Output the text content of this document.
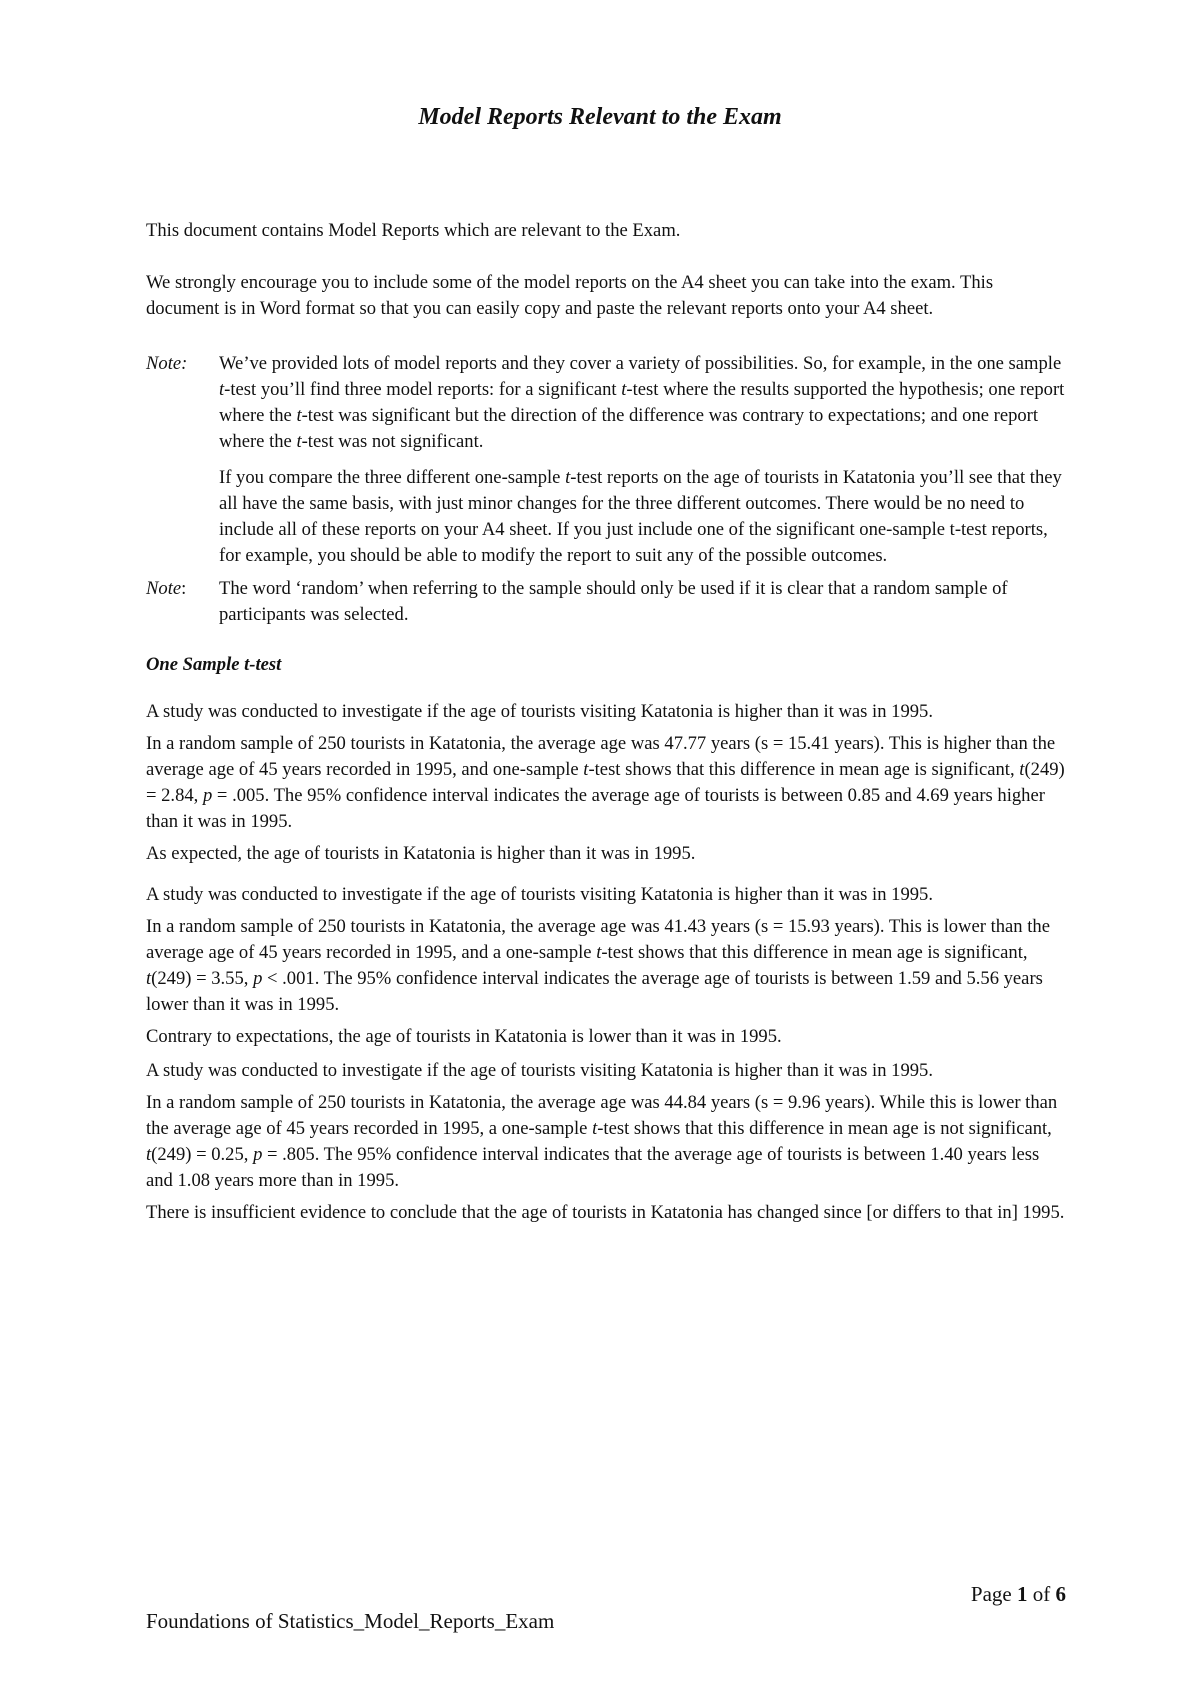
Model Reports Relevant to the Exam

This document contains Model Reports which are relevant to the Exam.

We strongly encourage you to include some of the model reports on the A4 sheet you can take into the exam. This document is in Word format so that you can easily copy and paste the relevant reports onto your A4 sheet.

Note:	We’ve provided lots of model reports and they cover a variety of possibilities. So, for example, in the one sample t-test you’ll find three model reports: for a significant t-test where the results supported the hypothesis; one report where the t-test was significant but the direction of the difference was contrary to expectations; and one report where the t-test was not significant.

If you compare the three different one-sample t-test reports on the age of tourists in Katatonia you’ll see that they all have the same basis, with just minor changes for the three different outcomes. There would be no need to include all of these reports on your A4 sheet. If you just include one of the significant one-sample t-test reports, for example, you should be able to modify the report to suit any of the possible outcomes.

Note:	The word ‘random’ when referring to the sample should only be used if it is clear that a random sample of participants was selected.

One Sample t-test

A study was conducted to investigate if the age of tourists visiting Katatonia is higher than it was in 1995.

In a random sample of 250 tourists in Katatonia, the average age was 47.77 years (s = 15.41 years). This is higher than the average age of 45 years recorded in 1995, and one-sample t-test shows that this difference in mean age is significant, t(249) = 2.84, p = .005. The 95% confidence interval indicates the average age of tourists is between 0.85 and 4.69 years higher than it was in 1995.

As expected, the age of tourists in Katatonia is higher than it was in 1995.

A study was conducted to investigate if the age of tourists visiting Katatonia is higher than it was in 1995.

In a random sample of 250 tourists in Katatonia, the average age was 41.43 years (s = 15.93 years). This is lower than the average age of 45 years recorded in 1995, and a one-sample t-test shows that this difference in mean age is significant, t(249) = 3.55, p < .001. The 95% confidence interval indicates the average age of tourists is between 1.59 and 5.56 years lower than it was in 1995.

Contrary to expectations, the age of tourists in Katatonia is lower than it was in 1995.

A study was conducted to investigate if the age of tourists visiting Katatonia is higher than it was in 1995.

In a random sample of 250 tourists in Katatonia, the average age was 44.84 years (s = 9.96 years). While this is lower than the average age of 45 years recorded in 1995, a one-sample t-test shows that this difference in mean age is not significant, t(249) = 0.25, p = .805. The 95% confidence interval indicates that the average age of tourists is between 1.40 years less and 1.08 years more than in 1995.

There is insufficient evidence to conclude that the age of tourists in Katatonia has changed since [or differs to that in] 1995.

Page 1 of 6
Foundations of Statistics_Model_Reports_Exam
